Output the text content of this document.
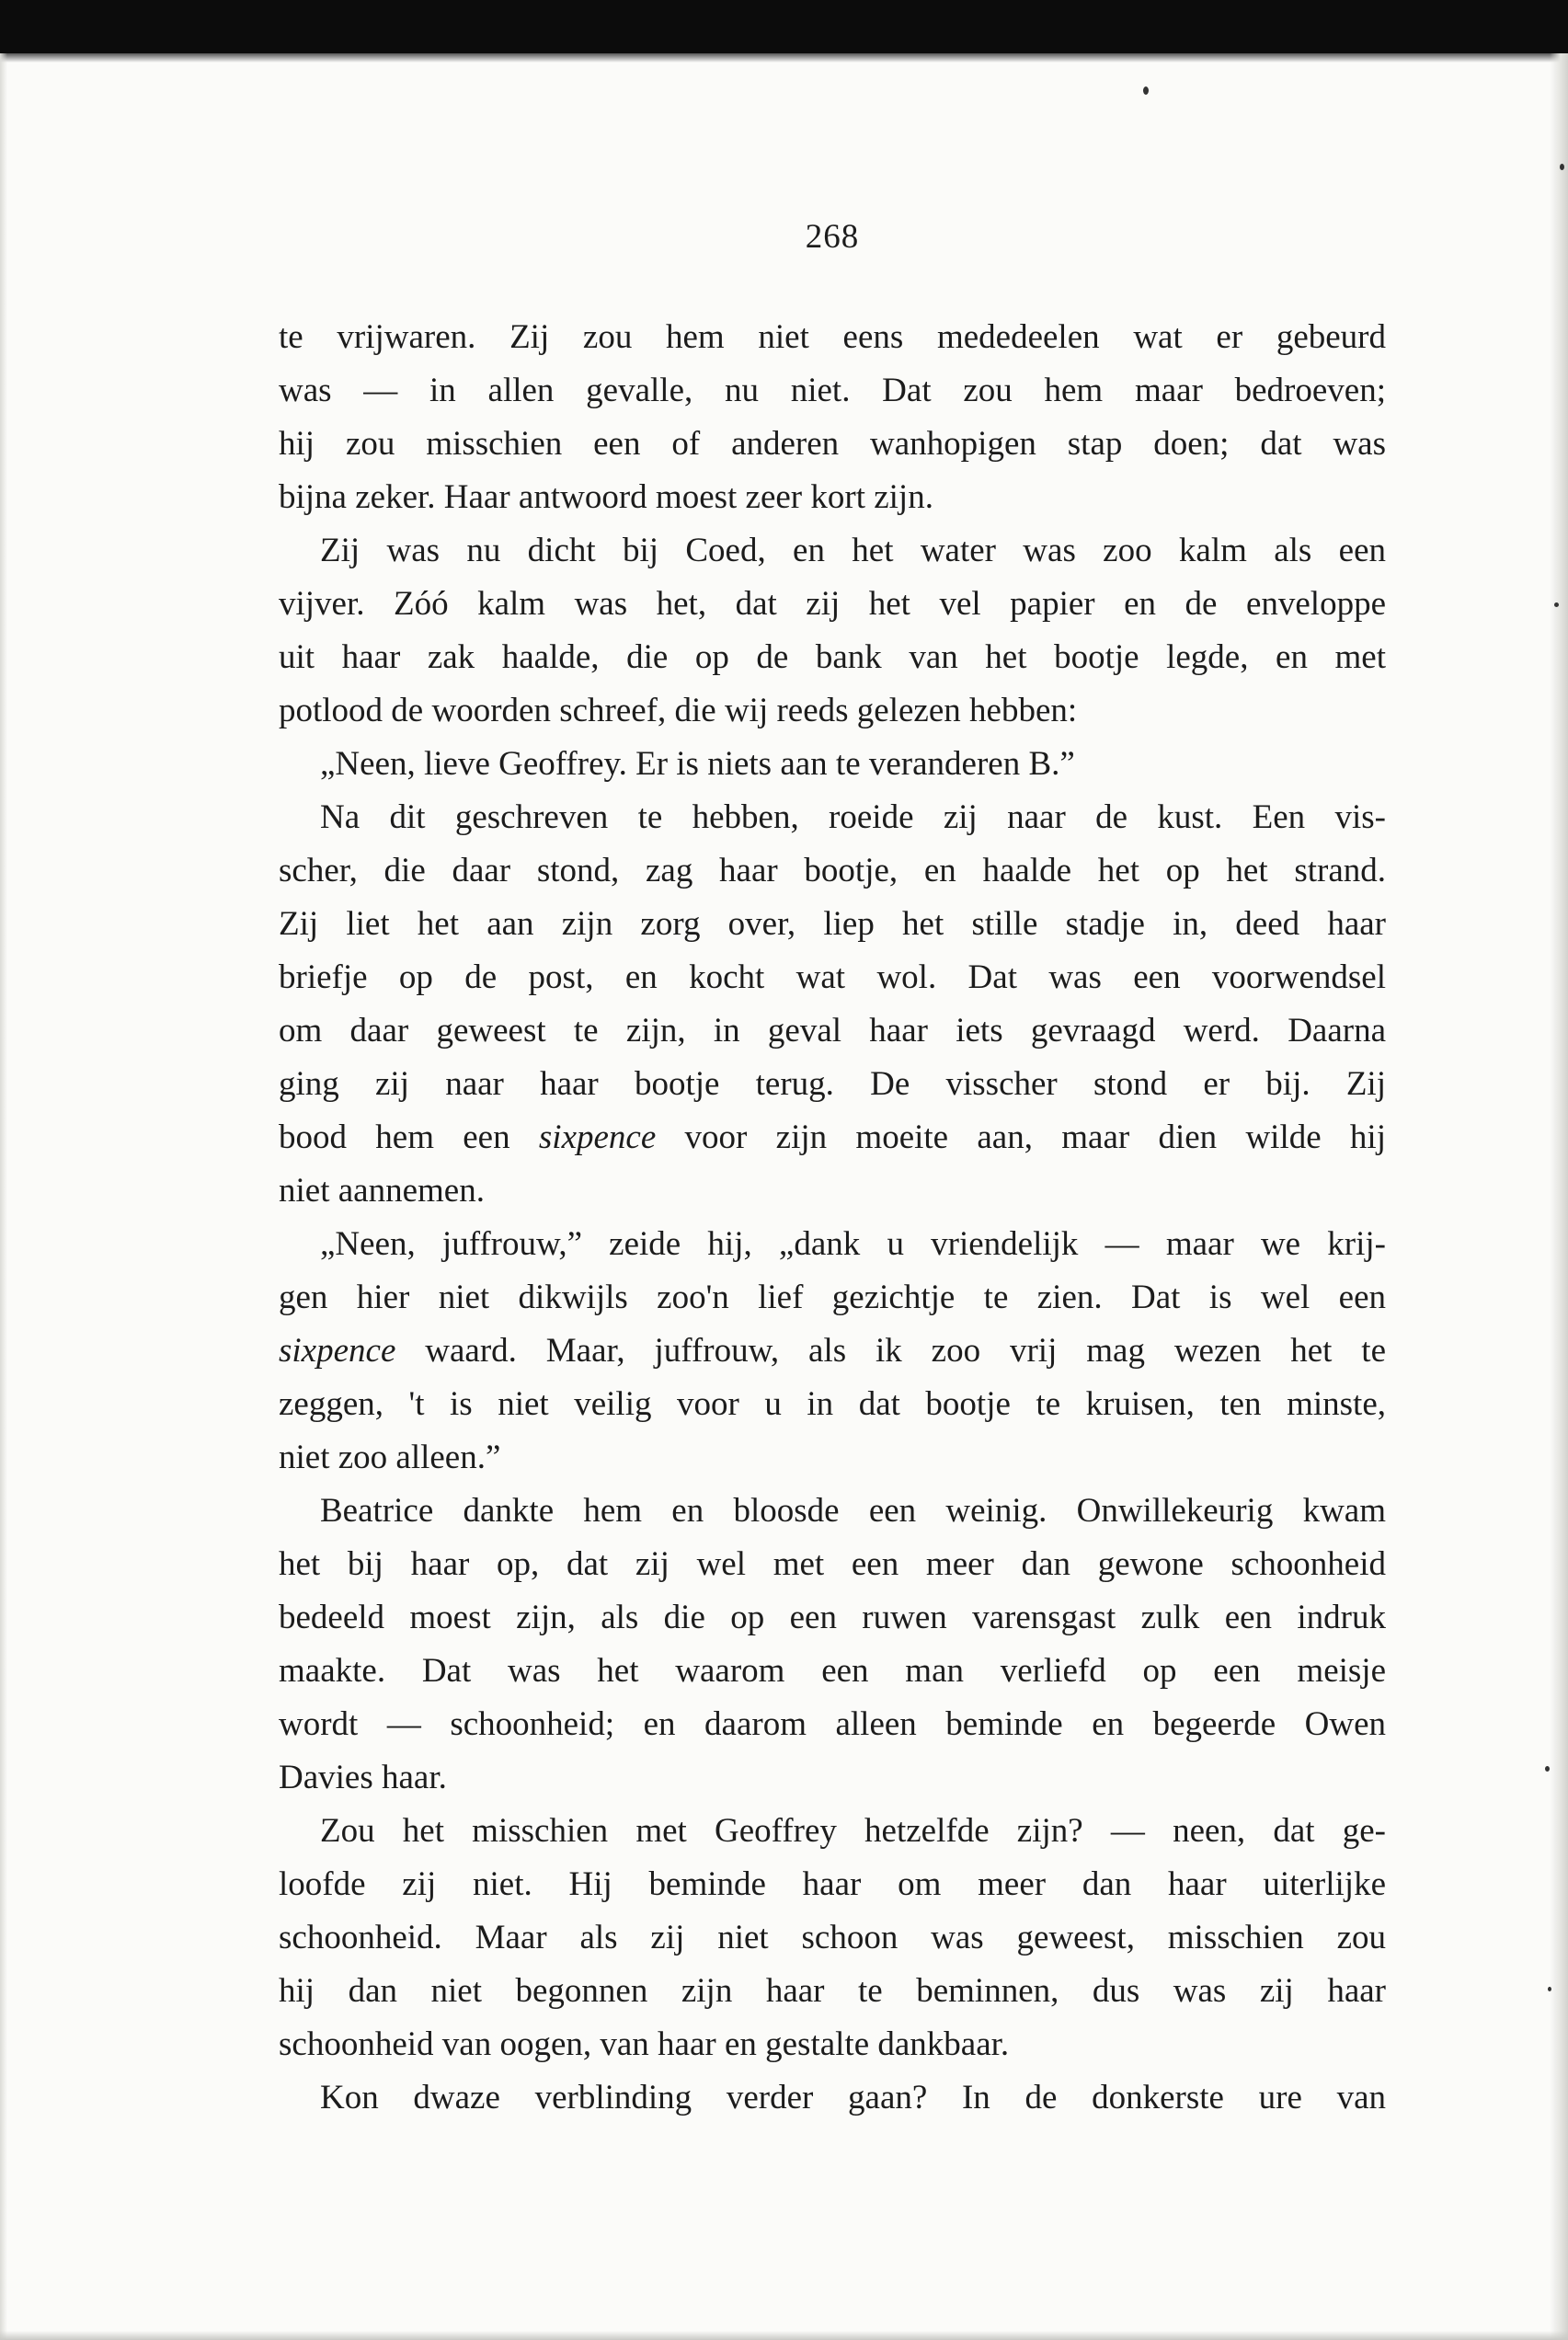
268
te vrijwaren. Zij zou hem niet eens mededeelen wat er gebeurd
was — in allen gevalle, nu niet. Dat zou hem maar bedroeven;
hij zou misschien een of anderen wanhopigen stap doen; dat was
bijna zeker. Haar antwoord moest zeer kort zijn.
Zij was nu dicht bij Coed, en het water was zoo kalm als een
vijver. Zóó kalm was het, dat zij het vel papier en de enveloppe
uit haar zak haalde, die op de bank van het bootje legde, en met
potlood de woorden schreef, die wij reeds gelezen hebben:
„Neen, lieve Geoffrey. Er is niets aan te veranderen B.”
Na dit geschreven te hebben, roeide zij naar de kust. Een vis-
scher, die daar stond, zag haar bootje, en haalde het op het strand.
Zij liet het aan zijn zorg over, liep het stille stadje in, deed haar
briefje op de post, en kocht wat wol. Dat was een voorwendsel
om daar geweest te zijn, in geval haar iets gevraagd werd. Daarna
ging zij naar haar bootje terug. De visscher stond er bij. Zij
bood hem een sixpence voor zijn moeite aan, maar dien wilde hij
niet aannemen.
„Neen, juffrouw,” zeide hij, „dank u vriendelijk — maar we krij-
gen hier niet dikwijls zoo'n lief gezichtje te zien. Dat is wel een
sixpence waard. Maar, juffrouw, als ik zoo vrij mag wezen het te
zeggen, 't is niet veilig voor u in dat bootje te kruisen, ten minste,
niet zoo alleen.”
Beatrice dankte hem en bloosde een weinig. Onwillekeurig kwam
het bij haar op, dat zij wel met een meer dan gewone schoonheid
bedeeld moest zijn, als die op een ruwen varensgast zulk een indruk
maakte. Dat was het waarom een man verliefd op een meisje
wordt — schoonheid; en daarom alleen beminde en begeerde Owen
Davies haar.
Zou het misschien met Geoffrey hetzelfde zijn? — neen, dat ge-
loofde zij niet. Hij beminde haar om meer dan haar uiterlijke
schoonheid. Maar als zij niet schoon was geweest, misschien zou
hij dan niet begonnen zijn haar te beminnen, dus was zij haar
schoonheid van oogen, van haar en gestalte dankbaar.
Kon dwaze verblinding verder gaan? In de donkerste ure van
